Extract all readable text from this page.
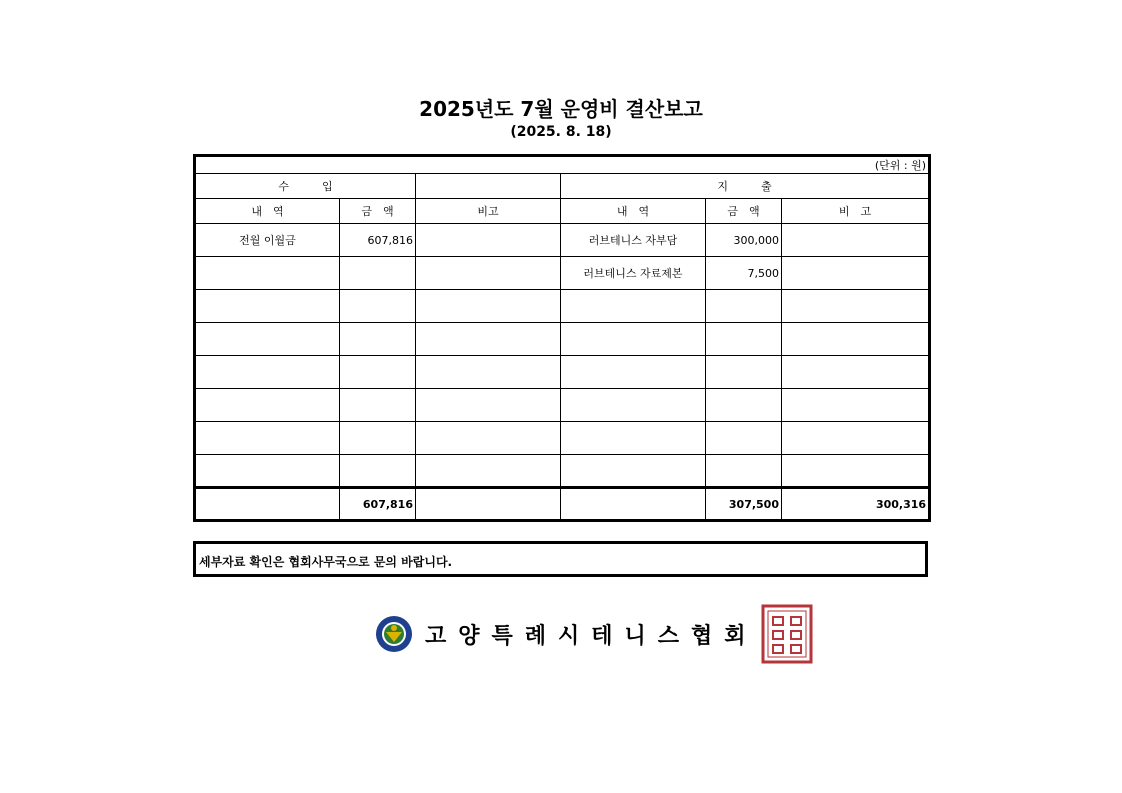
2025년도 7월 운영비 결산보고
(2025. 8. 18)
(단위 : 원)					
수　　　입			지　　　출		
내　역	금　액	비고	내　역	금　액	비　고
전월 이월금	607,816		러브테니스 자부담	300,000	
			러브테니스 자료제본	7,500	

	607,816			307,500	300,316
세부자료 확인은 협회사무국으로 문의 바랍니다.
고양특례시테니스협회
